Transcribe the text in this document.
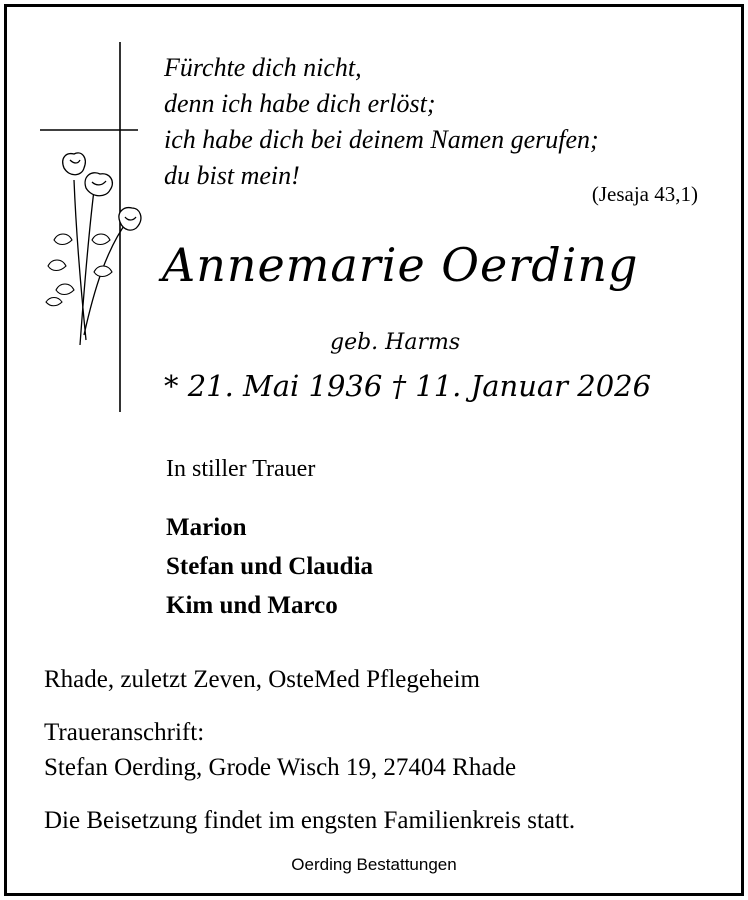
Fürchte dich nicht,
denn ich habe dich erlöst;
ich habe dich bei deinem Namen gerufen;
du bist mein!
(Jesaja 43,1)
Annemarie Oerding
geb. Harms
* 21. Mai 1936 † 11. Januar 2026
In stiller Trauer
Marion
Stefan und Claudia
Kim und Marco
Rhade, zuletzt Zeven, OsteMed Pflegeheim
Traueranschrift:
Stefan Oerding, Grode Wisch 19, 27404 Rhade
Die Beisetzung findet im engsten Familienkreis statt.
Oerding Bestattungen
